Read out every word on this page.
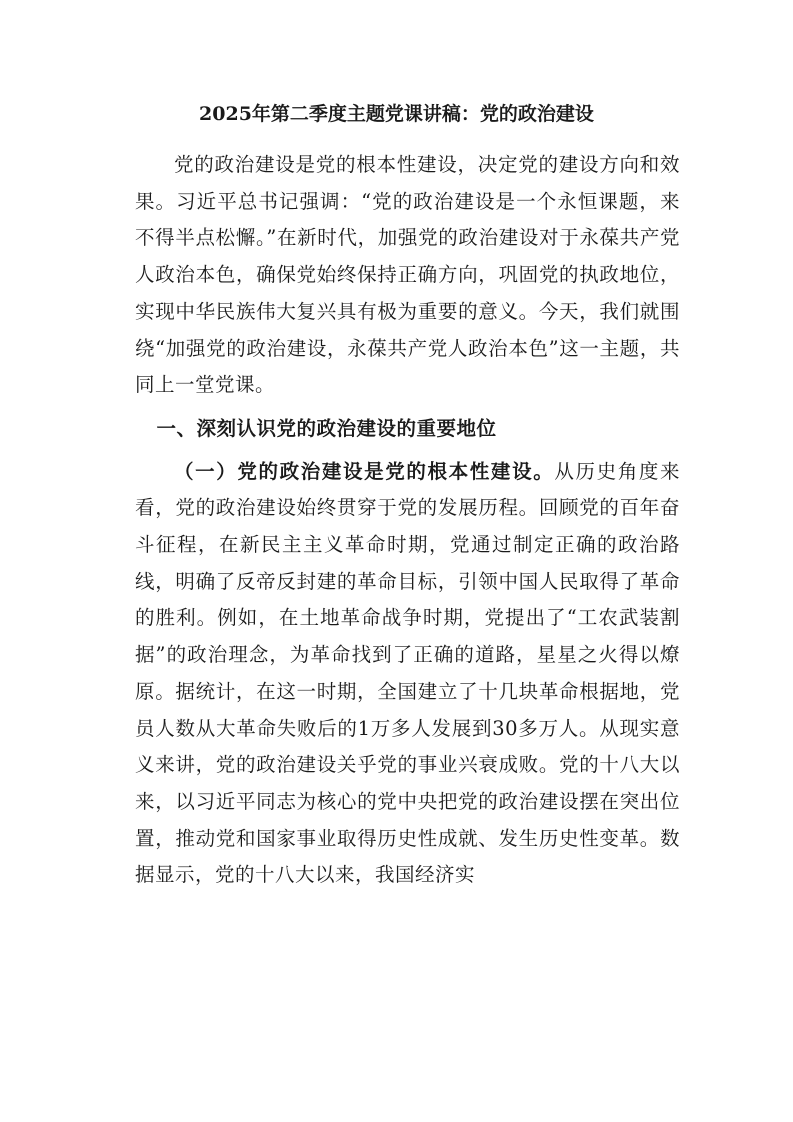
2025年第二季度主题党课讲稿：党的政治建设

党的政治建设是党的根本性建设，决定党的建设方向和效果。习近平总书记强调：“党的政治建设是一个永恒课题，来不得半点松懈。”在新时代，加强党的政治建设对于永葆共产党人政治本色，确保党始终保持正确方向，巩固党的执政地位，实现中华民族伟大复兴具有极为重要的意义。今天，我们就围绕“加强党的政治建设，永葆共产党人政治本色”这一主题，共同上一堂党课。

一、深刻认识党的政治建设的重要地位

（一）党的政治建设是党的根本性建设。从历史角度来看，党的政治建设始终贯穿于党的发展历程。回顾党的百年奋斗征程，在新民主主义革命时期，党通过制定正确的政治路线，明确了反帝反封建的革命目标，引领中国人民取得了革命的胜利。例如，在土地革命战争时期，党提出了“工农武装割据”的政治理念，为革命找到了正确的道路，星星之火得以燎原。据统计，在这一时期，全国建立了十几块革命根据地，党员人数从大革命失败后的1万多人发展到30多万人。从现实意义来讲，党的政治建设关乎党的事业兴衰成败。党的十八大以来，以习近平同志为核心的党中央把党的政治建设摆在突出位置，推动党和国家事业取得历史性成就、发生历史性变革。数据显示，党的十八大以来，我国经济实
